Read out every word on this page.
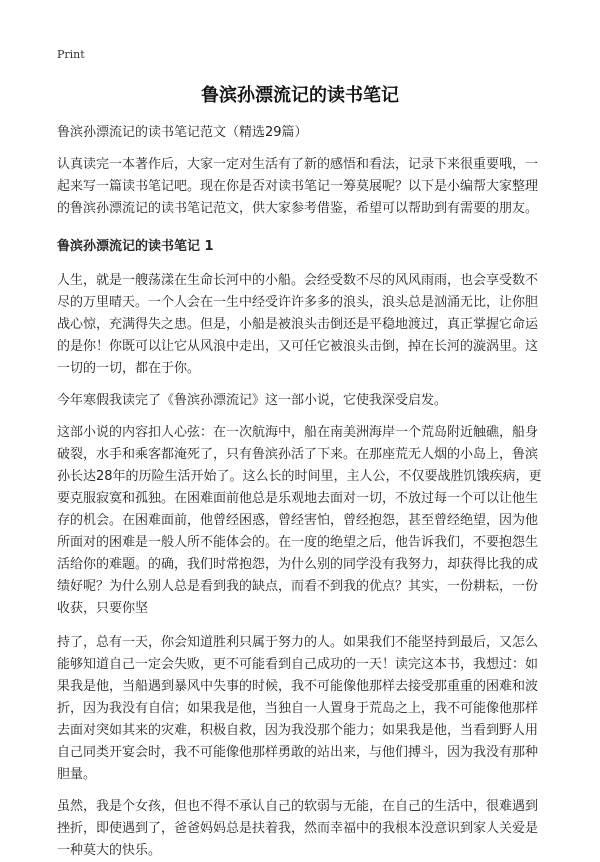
Print
鲁滨孙漂流记的读书笔记

鲁滨孙漂流记的读书笔记范文（精选29篇）

认真读完一本著作后，大家一定对生活有了新的感悟和看法，记录下来很重要哦，一起来写一篇读书笔记吧。现在你是否对读书笔记一筹莫展呢？以下是小编帮大家整理的鲁滨孙漂流记的读书笔记范文，供大家参考借鉴，希望可以帮助到有需要的朋友。

鲁滨孙漂流记的读书笔记 1

人生，就是一艘荡漾在生命长河中的小船。会经受数不尽的风风雨雨，也会享受数不尽的万里晴天。一个人会在一生中经受许许多多的浪头，浪头总是汹涌无比，让你胆战心惊，充满得失之患。但是，小船是被浪头击倒还是平稳地渡过，真正掌握它命运的是你！你既可以让它从风浪中走出，又可任它被浪头击倒，掉在长河的漩涡里。这一切的一切，都在于你。

今年寒假我读完了《鲁滨孙漂流记》这一部小说，它使我深受启发。

这部小说的内容扣人心弦：在一次航海中，船在南美洲海岸一个荒岛附近触礁，船身破裂，水手和乘客都淹死了，只有鲁滨孙活了下来。在那座荒无人烟的小岛上，鲁滨孙长达28年的历险生活开始了。这么长的时间里，主人公，不仅要战胜饥饿疾病，更要克服寂寞和孤独。在困难面前他总是乐观地去面对一切，不放过每一个可以让他生存的机会。在困难面前，他曾经困惑，曾经害怕，曾经抱怨，甚至曾经绝望，因为他所面对的困难是一般人所不能体会的。在一度的绝望之后，他告诉我们，不要抱怨生活给你的难题。的确，我们时常抱怨，为什么别的同学没有我努力，却获得比我的成绩好呢？为什么别人总是看到我的缺点，而看不到我的优点？其实，一份耕耘，一份收获，只要你坚

持了，总有一天，你会知道胜利只属于努力的人。如果我们不能坚持到最后，又怎么能够知道自己一定会失败，更不可能看到自己成功的一天！读完这本书，我想过：如果我是他，当船遇到暴风中失事的时候，我不可能像他那样去接受那重重的困难和波折，因为我没有自信；如果我是他，当独自一人置身于荒岛之上，我不可能像他那样去面对突如其来的灾难，积极自救，因为我没那个能力；如果我是他，当看到野人用自己同类开宴会时，我不可能像他那样勇敢的站出来，与他们搏斗，因为我没有那种胆量。

虽然，我是个女孩，但也不得不承认自己的软弱与无能，在自己的生活中，很难遇到挫折，即使遇到了，爸爸妈妈总是扶着我，然而幸福中的我根本没意识到家人关爱是一种莫大的快乐。
